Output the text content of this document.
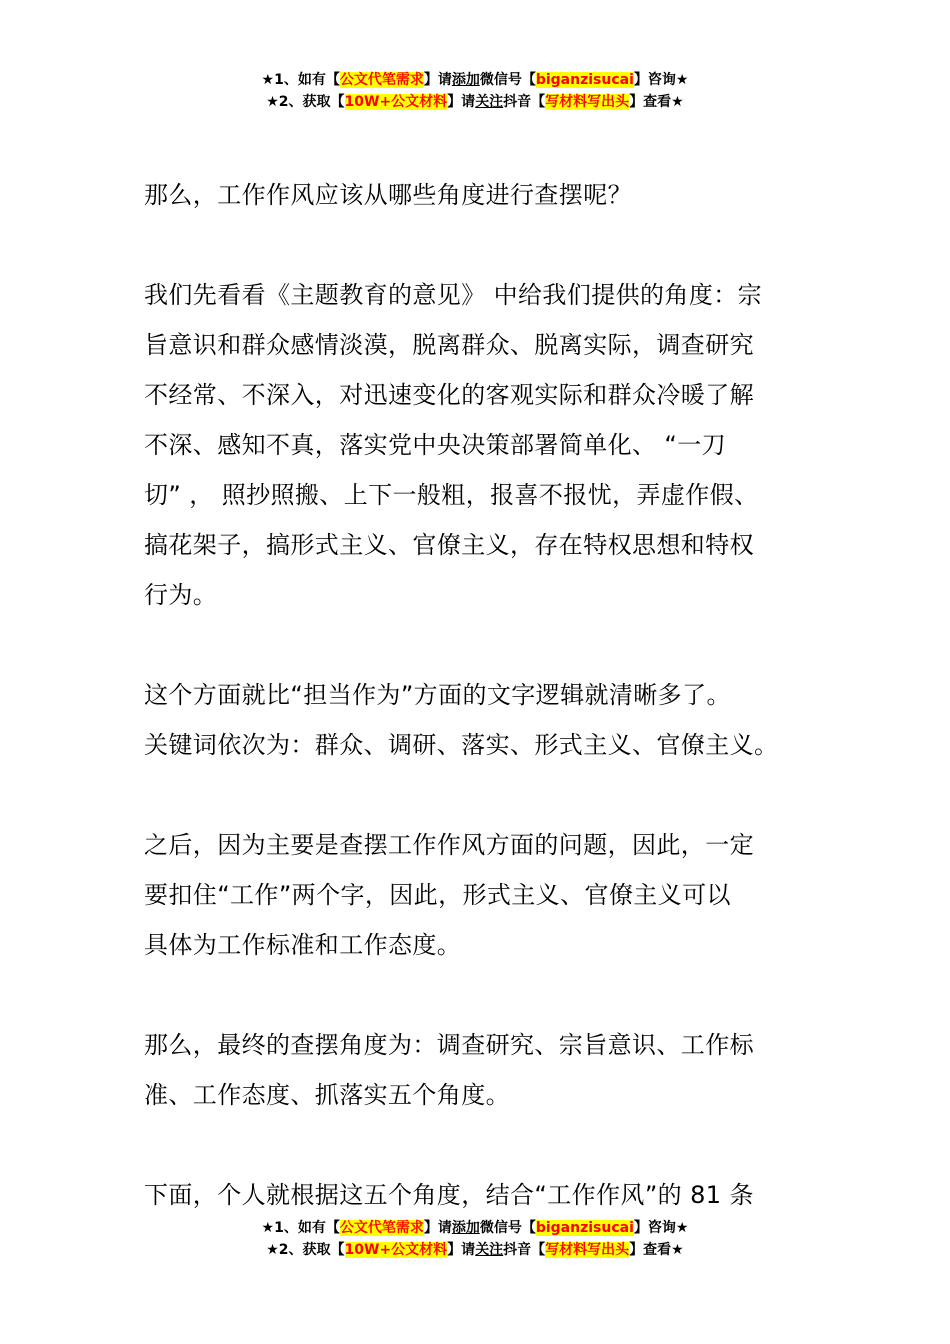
★1、如有【公文代笔需求】请添加微信号【biganzisucai】咨询★
★2、获取【10W+公文材料】请关注抖音【写材料写出头】查看★
那么，工作作风应该从哪些角度进行查摆呢？
我们先看看《主题教育的意见》 中给我们提供的角度：宗
旨意识和群众感情淡漠，脱离群众、脱离实际，调查研究
不经常、不深入，对迅速变化的客观实际和群众冷暖了解
不深、感知不真，落实党中央决策部署简单化、 “一刀
切” ， 照抄照搬、上下一般粗，报喜不报忧，弄虚作假、
搞花架子，搞形式主义、官僚主义，存在特权思想和特权
行为。
这个方面就比“担当作为”方面的文字逻辑就清晰多了。
关键词依次为：群众、调研、落实、形式主义、官僚主义。
之后，因为主要是查摆工作作风方面的问题，因此，一定
要扣住“工作”两个字，因此，形式主义、官僚主义可以
具体为工作标准和工作态度。
那么，最终的查摆角度为：调查研究、宗旨意识、工作标
准、工作态度、抓落实五个角度。
下面，个人就根据这五个角度，结合“工作作风”的 81 条
★1、如有【公文代笔需求】请添加微信号【biganzisucai】咨询★
★2、获取【10W+公文材料】请关注抖音【写材料写出头】查看★
